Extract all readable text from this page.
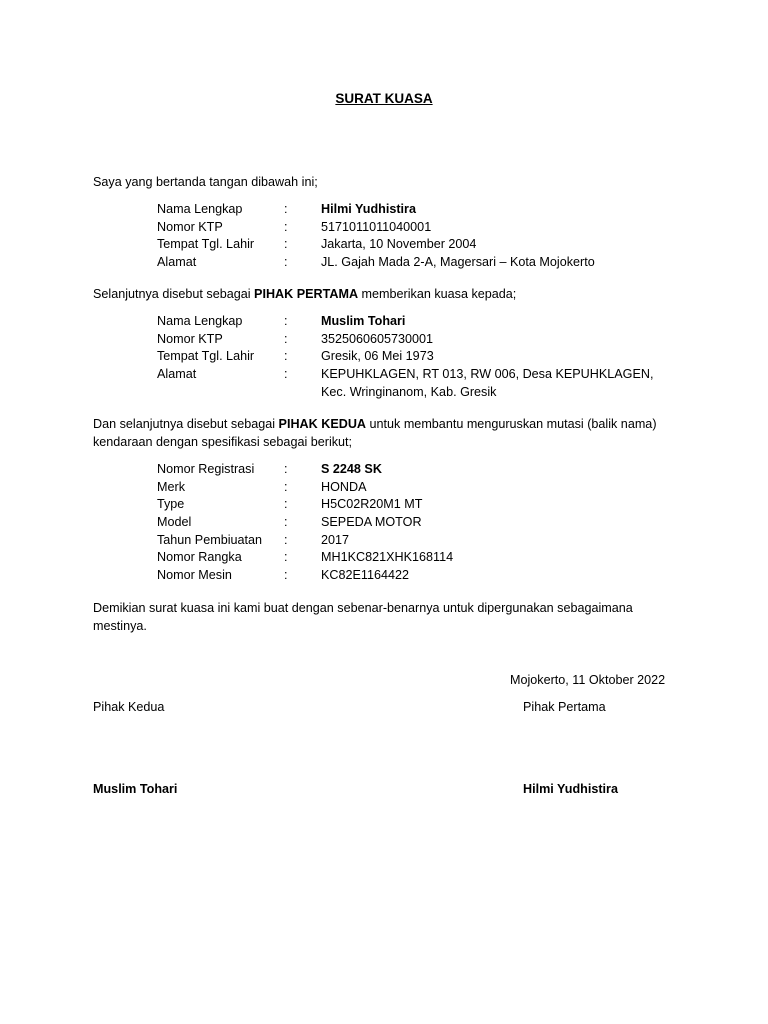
SURAT KUASA
Saya yang bertanda tangan dibawah ini;
Nama Lengkap	:	Hilmi Yudhistira
Nomor KTP	:	5171011011040001
Tempat Tgl. Lahir :	Jakarta, 10 November 2004
Alamat	:	JL. Gajah Mada 2-A, Magersari – Kota Mojokerto
Selanjutnya disebut sebagai PIHAK PERTAMA memberikan kuasa kepada;
Nama Lengkap	:	Muslim Tohari
Nomor KTP	:	3525060605730001
Tempat Tgl. Lahir :	Gresik, 06 Mei 1973
Alamat	:	KEPUHKLAGEN, RT 013, RW 006, Desa KEPUHKLAGEN,
Kec. Wringinanom, Kab. Gresik
Dan selanjutnya disebut sebagai PIHAK KEDUA untuk membantu menguruskan mutasi (balik nama)
kendaraan dengan spesifikasi sebagai berikut;
Nomor Registrasi :	S 2248 SK
Merk	:	HONDA
Type	:	H5C02R20M1 MT
Model	:	SEPEDA MOTOR
Tahun Pembiuatan :	2017
Nomor Rangka	:	MH1KC821XHK168114
Nomor Mesin	:	KC82E1164422
Demikian surat kuasa ini kami buat dengan sebenar-benarnya untuk dipergunakan sebagaimana
mestinya.
Mojokerto, 11 Oktober 2022
Pihak Kedua	Pihak Pertama
Muslim Tohari	Hilmi Yudhistira
